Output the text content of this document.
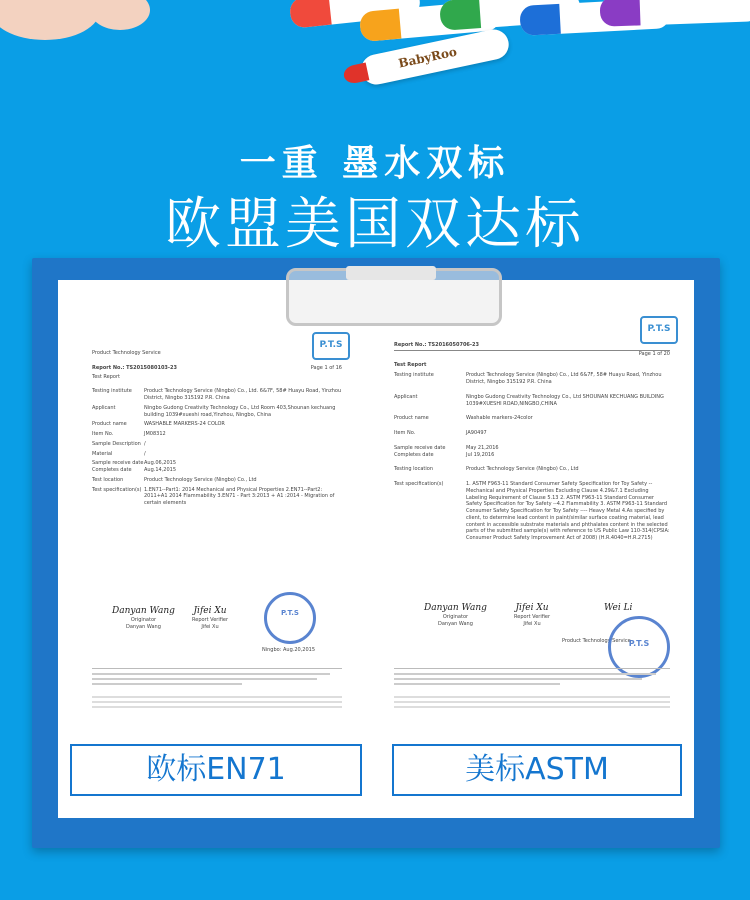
BabyRoo
一重 墨水双标
欧盟美国双达标
P.T.S
Product Technology Service
Report No.: TS2015080103-23	Page 1 of 16
Test Report
Testing institute	Product Technology Service (Ningbo) Co., Ltd. 6&7F, 58# Huayu Road, Yinzhou District, Ningbo 315192 P.R. China
Applicant	Ningbo Gudong Creativity Technology Co., Ltd Room 403,Shounan kechuang building 1039#xueshi road,Yinzhou, Ningbo, China
Product name	WASHABLE MARKERS-24 COLOR
Item No.	JM08312
Sample Description /
Material	/
Sample receive date Aug.06,2015
Completes date	Aug.14,2015
Test location	Product Technology Service (Ningbo) Co., Ltd
Test specification(s) 1.EN71--Part1: 2014 Mechanical and Physical Properties 2.EN71--Part2: 2011+A1 2014 Flammability 3.EN71 - Part 3:2013 + A1 :2014 - Migration of certain elements
Danyan Wang
Originator
Danyan Wang
Jifei Xu
Report Verifier
Jifei Xu
P.T.S
Ningbo: Aug.20,2015
P.T.S
Report No.: TS2016050706-23
Page 1 of 20
Test Report
Testing institute	Product Technology Service (Ningbo) Co., Ltd 6&7F, 58# Huayu Road, Yinzhou District, Ningbo 315192 P.R. China
Applicant	Ningbo Gudong Creativity Technology Co., Ltd SHOUNAN KECHUANG BUILDING 1039#XUESHI ROAD,NINGBO,CHINA
Product name	Washable markers-24color
Item No.	JA90497
Sample receive date	May 21,2016
Completes date	Jul 19,2016
Testing location	Product Technology Service (Ningbo) Co., Ltd
Test specification(s)	1. ASTM F963-11 Standard Consumer Safety Specification for Toy Safety --Mechanical and Physical Properties Excluding Clause 4.29&7.1 Excluding Labeling Requirement of Clause 5.13 2. ASTM F963-11 Standard Consumer Safety Specification for Toy Safety --4.2 Flammability 3. ASTM F963-11 Standard Consumer Safety Specification for Toy Safety ---- Heavy Metal 4.As specified by client, to determine lead content in paint/similar surface coating material, lead content in accessible substrate materials and phthalates content in the selected parts of the submitted sample(s) with reference to US Public Law 110-314(CPSIA: Consumer Product Safety Improvement Act of 2008) (H.R.4040=H.R.2715)
Danyan Wang
Originator
Danyan Wang
Jifei Xu
Report Verifier
Jifei Xu
Wei Li
Product Technology Service
P.T.S
欧标EN71	美标ASTM
